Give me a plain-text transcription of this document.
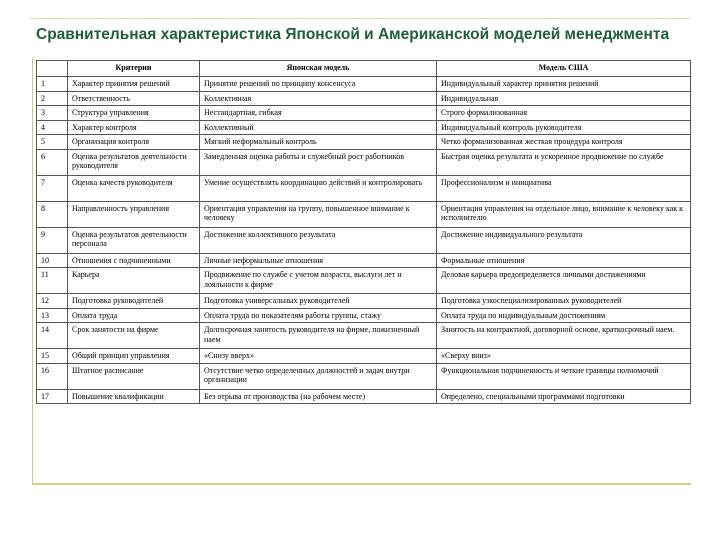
Сравнительная характеристика Японской и Американской моделей менеджмента
	Критерии	Японская модель	Модель США
1	Характер принятия решений	Принятие решений по принципу консенсуса	Индивидуальный характер принятия решений
2	Ответственность	Коллективная	Индивидуальная
3	Структура управления	Нестандартная, гибкая	Строго формализованная
4	Характер контроля	Коллективный	Индивидуальный контроль руководителя
5	Организация контроля	Мягкий неформальный контроль	Четко формализованная жесткая процедура контроля
6	Оценка результатов деятельности руководителя	Замедленная оценка работы и служебный рост работников	Быстрая оценка результата и ускоренное продвижение по службе
7	Оценка качеств руководителя	Умение осуществлять координацию действий и контролировать	Профессионализм и инициатива
8	Направленность управления	Ориентация управления на группу, повышенное внимание к человеку	Ориентация управления на отдельное лицо, внимание к человеку как к исполнителю
9	Оценка результатов деятельности персонала	Достижение коллективного результата	Достижение индивидуального результата
10	Отношения с подчиненными	Личные неформальные отношения	Формальные отношения
11	Карьера	Продвижение по службе с учетом возраста, выслуги лет и лояльности к фирме	Деловая карьера предопределяется личными достижениями
12	Подготовка руководителей	Подготовка универсальных руководителей	Подготовка узкоспециализированных руководителей
13	Оплата труда	Оплата труда по показателям работы группы, стажу	Оплата труда по индивидуальным достижениям
14	Срок занятости на фирме	Долгосрочная занятость руководителя на фирме, пожизненный наем	Занятость на контрактной, договорной основе, краткосрочный наем.
15	Общий принцип управления	«Снизу вверх»	«Сверху вниз»
16	Штатное расписание	Отсутствие четко определенных должностей и задач внутри организации	Функциональная подчиненность и четкие границы полномочий
17	Повышение квалификации	Без отрыва от производства (на рабочем месте)	Определено, специальными программами подготовки
